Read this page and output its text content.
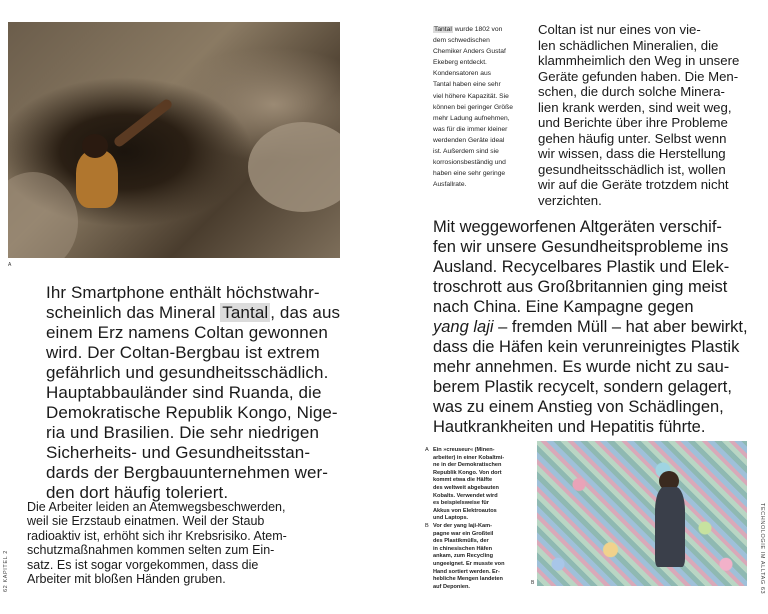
A
Ihr Smartphone enthält höchstwahr-
scheinlich das Mineral Tantal , das aus
einem Erz namens Coltan gewonnen
wird. Der Coltan-Bergbau ist extrem
gefährlich und gesundheitsschädlich.
Hauptabbauländer sind Ruanda, die
Demokratische Republik Kongo, Nige-
ria und Brasilien. Die sehr niedrigen
Sicherheits- und Gesundheitsstan-
dards der Bergbauunternehmen wer-
den dort häufig toleriert.
Die Arbeiter leiden an Atemwegsbeschwerden,
weil sie Erzstaub einatmen. Weil der Staub
radioaktiv ist, erhöht sich ihr Krebsrisiko. Atem-
schutzmaßnahmen kommen selten zum Ein-
satz. Es ist sogar vorgekommen, dass die
Arbeiter mit bloßen Händen gruben.
62 KAPITEL 2
Tantal wurde 1802 von
dem schwedischen
Chemiker Anders Gustaf
Ekeberg entdeckt.
Kondensatoren aus
Tantal haben eine sehr
viel höhere Kapazität. Sie
können bei geringer Größe
mehr Ladung aufnehmen,
was für die immer kleiner
werdenden Geräte ideal
ist. Außerdem sind sie
korrosionsbeständig und
haben eine sehr geringe
Ausfallrate.
Coltan ist nur eines von vie-
len schädlichen Mineralien, die
klammheimlich den Weg in unsere
Geräte gefunden haben. Die Men-
schen, die durch solche Minera-
lien krank werden, sind weit weg,
und Berichte über ihre Probleme
gehen häufig unter. Selbst wenn
wir wissen, dass die Herstellung
gesundheitsschädlich ist, wollen
wir auf die Geräte trotzdem nicht
verzichten.
Mit weggeworfenen Altgeräten verschif-
fen wir unsere Gesundheitsprobleme ins
Ausland. Recycelbares Plastik und Elek-
troschrott aus Großbritannien ging meist
nach China. Eine Kampagne gegen
yang laji – fremden Müll – hat aber bewirkt,
dass die Häfen kein verunreinigtes Plastik
mehr annehmen. Es wurde nicht zu sau-
berem Plastik recycelt, sondern gelagert,
was zu einem Anstieg von Schädlingen,
Hautkrankheiten und Hepatitis führte.
A Ein »creuseur« (Minen-
arbeiter) in einer Kobaltmi-
ne in der Demokratischen
Republik Kongo. Von dort
kommt etwa die Hälfte
des weltweit abgebauten
Kobalts. Verwendet wird
es beispielsweise für
Akkus von Elektroautos
und Laptops.
B Vor der yang laji-Kam-
pagne war ein Großteil
des Plastikmülls, der
in chinesischen Häfen
ankam, zum Recycling
ungeeignet. Er musste von
Hand sortiert werden. Er-
hebliche Mengen landeten
auf Deponien.
B	TECHNOLOGIE IM ALLTAG 63
